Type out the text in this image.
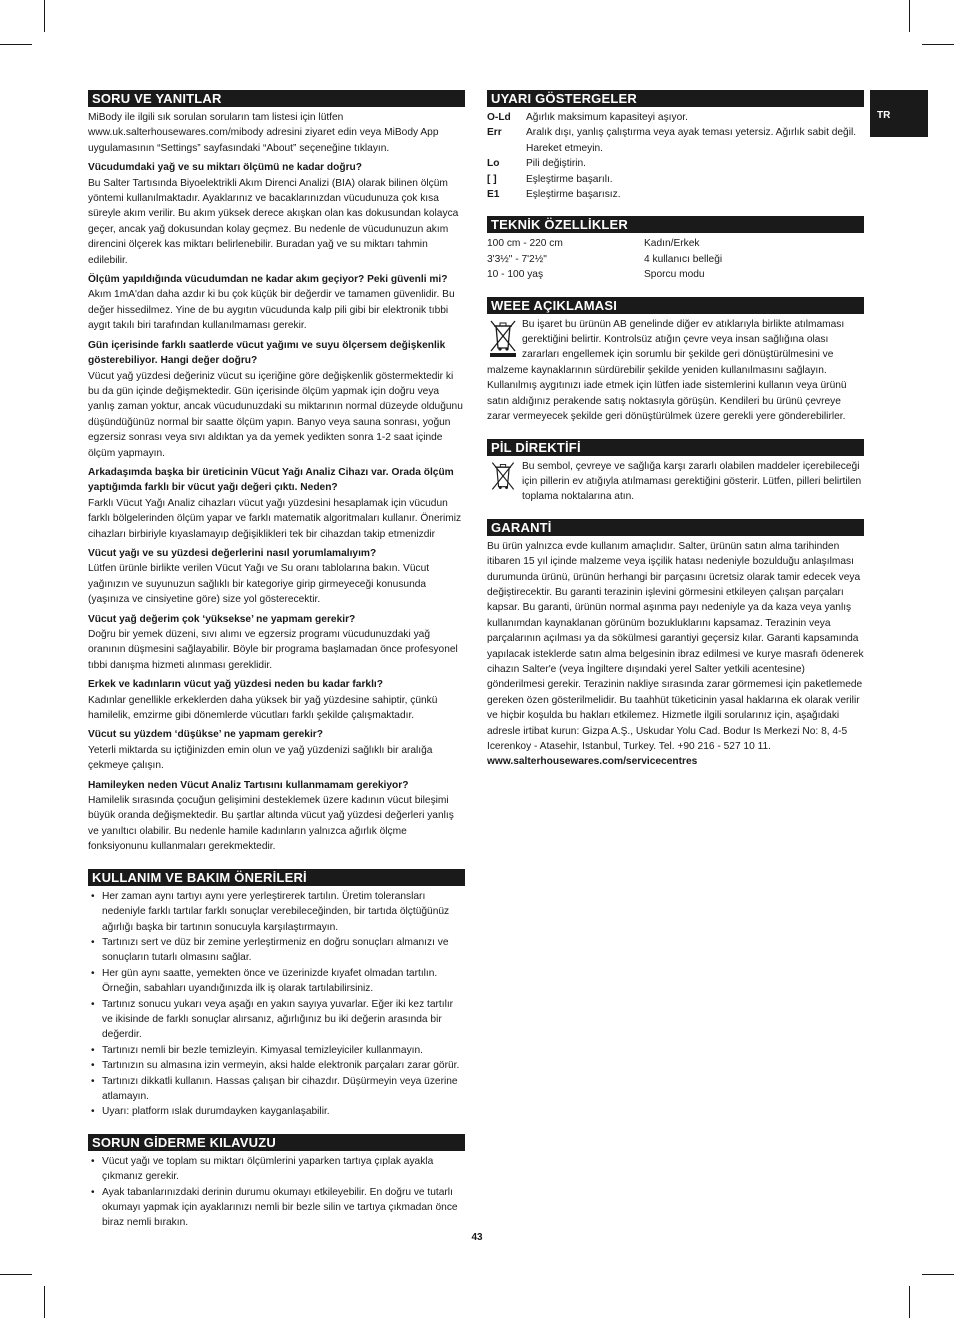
TR
SORU VE YANITLAR

MiBody ile ilgili sık sorulan soruların tam listesi için lütfen www.uk.salterhousewares.com/mibody adresini ziyaret edin veya MiBody App uygulamasının “Settings” sayfasındaki “About” seçeneğine tıklayın.

Vücudumdaki yağ ve su miktarı ölçümü ne kadar doğru?

Bu Salter Tartısında Biyoelektrikli Akım Direnci Analizi (BIA) olarak bilinen ölçüm yöntemi kullanılmaktadır. Ayaklarınız ve bacaklarınızdan vücudunuza çok kısa süreyle akım verilir. Bu akım yüksek derece akışkan olan kas dokusundan kolayca geçer, ancak yağ dokusundan kolay geçmez. Bu nedenle de vücudunuzun akım direncini ölçerek kas miktarı belirlenebilir. Buradan yağ ve su miktarı tahmin edilebilir.

Ölçüm yapıldığında vücudumdan ne kadar akım geçiyor? Peki güvenli mi?

Akım 1mA'dan daha azdır ki bu çok küçük bir değerdir ve tamamen güvenlidir. Bu değer hissedilmez. Yine de bu aygıtın vücudunda kalp pili gibi bir elektronik tıbbi aygıt takılı biri tarafından kullanılmaması gerekir.

Gün içerisinde farklı saatlerde vücut yağımı ve suyu ölçersem değişkenlik gösterebiliyor. Hangi değer doğru?

Vücut yağ yüzdesi değeriniz vücut su içeriğine göre değişkenlik göstermektedir ki bu da gün içinde değişmektedir. Gün içerisinde ölçüm yapmak için doğru veya yanlış zaman yoktur, ancak vücudunuzdaki su miktarının normal düzeyde olduğunu düşündüğünüz normal bir saatte ölçüm yapın. Banyo veya sauna sonrası, yoğun egzersiz sonrası veya sıvı aldıktan ya da yemek yedikten sonra 1-2 saat içinde ölçüm yapmayın.

Arkadaşımda başka bir üreticinin Vücut Yağı Analiz Cihazı var. Orada ölçüm yaptığımda farklı bir vücut yağı değeri çıktı. Neden?

Farklı Vücut Yağı Analiz cihazları vücut yağı yüzdesini hesaplamak için vücudun farklı bölgelerinden ölçüm yapar ve farklı matematik algoritmaları kullanır. Önerimiz cihazları birbiriyle kıyaslamayıp değişiklikleri tek bir cihazdan takip etmenizdir

Vücut yağı ve su yüzdesi değerlerini nasıl yorumlamalıyım?

Lütfen ürünle birlikte verilen Vücut Yağı ve Su oranı tablolarına bakın. Vücut yağınızın ve suyunuzun sağlıklı bir kategoriye girip girmeyeceği konusunda (yaşınıza ve cinsiyetine göre) size yol gösterecektir.

Vücut yağ değerim çok ‘yüksekse’ ne yapmam gerekir?

Doğru bir yemek düzeni, sıvı alımı ve egzersiz programı vücudunuzdaki yağ oranının düşmesini sağlayabilir. Böyle bir programa başlamadan önce profesyonel tıbbi danışma hizmeti alınması gereklidir.

Erkek ve kadınların vücut yağ yüzdesi neden bu kadar farklı?

Kadınlar genellikle erkeklerden daha yüksek bir yağ yüzdesine sahiptir, çünkü hamilelik, emzirme gibi dönemlerde vücutları farklı şekilde çalışmaktadır.

Vücut su yüzdem ‘düşükse’ ne yapmam gerekir?

Yeterli miktarda su içtiğinizden emin olun ve yağ yüzdenizi sağlıklı bir aralığa çekmeye çalışın.

Hamileyken neden Vücut Analiz Tartısını kullanmamam gerekiyor?

Hamilelik sırasında çocuğun gelişimini desteklemek üzere kadının vücut bileşimi büyük oranda değişmektedir. Bu şartlar altında vücut yağ yüzdesi değerleri yanlış ve yanıltıcı olabilir. Bu nedenle hamile kadınların yalnızca ağırlık ölçme fonksiyonunu kullanmaları gerekmektedir.

KULLANIM VE BAKIM ÖNERİLERİ
• Her zaman aynı tartıyı aynı yere yerleştirerek tartılın. Üretim toleransları nedeniyle farklı tartılar farklı sonuçlar verebileceğinden, bir tartıda ölçtüğünüz ağırlığı başka bir tartının sonucuyla karşılaştırmayın.
• Tartınızı sert ve düz bir zemine yerleştirmeniz en doğru sonuçları almanızı ve sonuçların tutarlı olmasını sağlar.
• Her gün aynı saatte, yemekten önce ve üzerinizde kıyafet olmadan tartılın. Örneğin, sabahları uyandığınızda ilk iş olarak tartılabilirsiniz.
• Tartınız sonucu yukarı veya aşağı en yakın sayıya yuvarlar. Eğer iki kez tartılır ve ikisinde de farklı sonuçlar alırsanız, ağırlığınız bu iki değerin arasında bir değerdir.
• Tartınızı nemli bir bezle temizleyin. Kimyasal temizleyiciler kullanmayın.
• Tartınızın su almasına izin vermeyin, aksi halde elektronik parçaları zarar görür.
• Tartınızı dikkatli kullanın. Hassas çalışan bir cihazdır. Düşürmeyin veya üzerine atlamayın.
• Uyarı: platform ıslak durumdayken kayganlaşabilir.
SORUN GİDERME KILAVUZU
• Vücut yağı ve toplam su miktarı ölçümlerini yaparken tartıya çıplak ayakla çıkmanız gerekir.
• Ayak tabanlarınızdaki derinin durumu okumayı etkileyebilir. En doğru ve tutarlı okumayı yapmak için ayaklarınızı nemli bir bezle silin ve tartıya çıkmadan önce biraz nemli bırakın.
UYARI GÖSTERGELER
O-Ld	Ağırlık maksimum kapasiteyi aşıyor.
Err	Aralık dışı, yanlış çalıştırma veya ayak teması yetersiz. Ağırlık sabit değil. Hareket etmeyin.
Lo	Pili değiştirin.
[ ]	Eşleştirme başarılı.
E1	Eşleştirme başarısız.
TEKNİK ÖZELLİKLER
100 cm - 220 cm	Kadın/Erkek
3'3½" - 7'2½"	4 kullanıcı belleği
10 - 100 yaş	Sporcu modu
WEEE AÇIKLAMASI

Bu işaret bu ürünün AB genelinde diğer ev atıklarıyla birlikte atılmaması gerektiğini belirtir. Kontrolsüz atığın çevre veya insan sağlığına olası zararları engellemek için sorumlu bir şekilde geri dönüştürülmesini ve malzeme kaynaklarının sürdürebilir şekilde yeniden kullanılmasını sağlayın. Kullanılmış aygıtınızı iade etmek için lütfen iade sistemlerini kullanın veya ürünü satın aldığınız perakende satış noktasıyla görüşün. Kendileri bu ürünü çevreye zarar vermeyecek şekilde geri dönüştürülmek üzere gerekli yere gönderebilirler.

PİL DİREKTİFİ

Bu sembol, çevreye ve sağlığa karşı zararlı olabilen maddeler içerebileceği için pillerin ev atığıyla atılmaması gerektiğini gösterir. Lütfen, pilleri belirtilen toplama noktalarına atın.

GARANTİ

Bu ürün yalnızca evde kullanım amaçlıdır. Salter, ürünün satın alma tarihinden itibaren 15 yıl içinde malzeme veya işçilik hatası nedeniyle bozulduğu anlaşılması durumunda ürünü, ürünün herhangi bir parçasını ücretsiz olarak tamir edecek veya değiştirecektir. Bu garanti terazinin işlevini görmesini etkileyen çalışan parçaları kapsar. Bu garanti, ürünün normal aşınma payı nedeniyle ya da kaza veya yanlış kullanımdan kaynaklanan görünüm bozukluklarını kapsamaz. Terazinin veya parçalarının açılması ya da sökülmesi garantiyi geçersiz kılar. Garanti kapsamında yapılacak isteklerde satın alma belgesinin ibraz edilmesi ve kurye masrafı ödenerek cihazın Salter'e (veya İngiltere dışındaki yerel Salter yetkili acentesine) gönderilmesi gerekir. Terazinin nakliye sırasında zarar görmemesi için paketlemede gereken özen gösterilmelidir. Bu taahhüt tüketicinin yasal haklarına ek olarak verilir ve hiçbir koşulda bu hakları etkilemez. Hizmetle ilgili sorularınız için, aşağıdaki adresle irtibat kurun: Gizpa A.Ş., Uskudar Yolu Cad. Bodur Is Merkezi No: 8, 4-5 Icerenkoy - Atasehir, Istanbul, Turkey. Tel. +90 216 - 527 10 11.

www.salterhousewares.com/servicecentres

43
